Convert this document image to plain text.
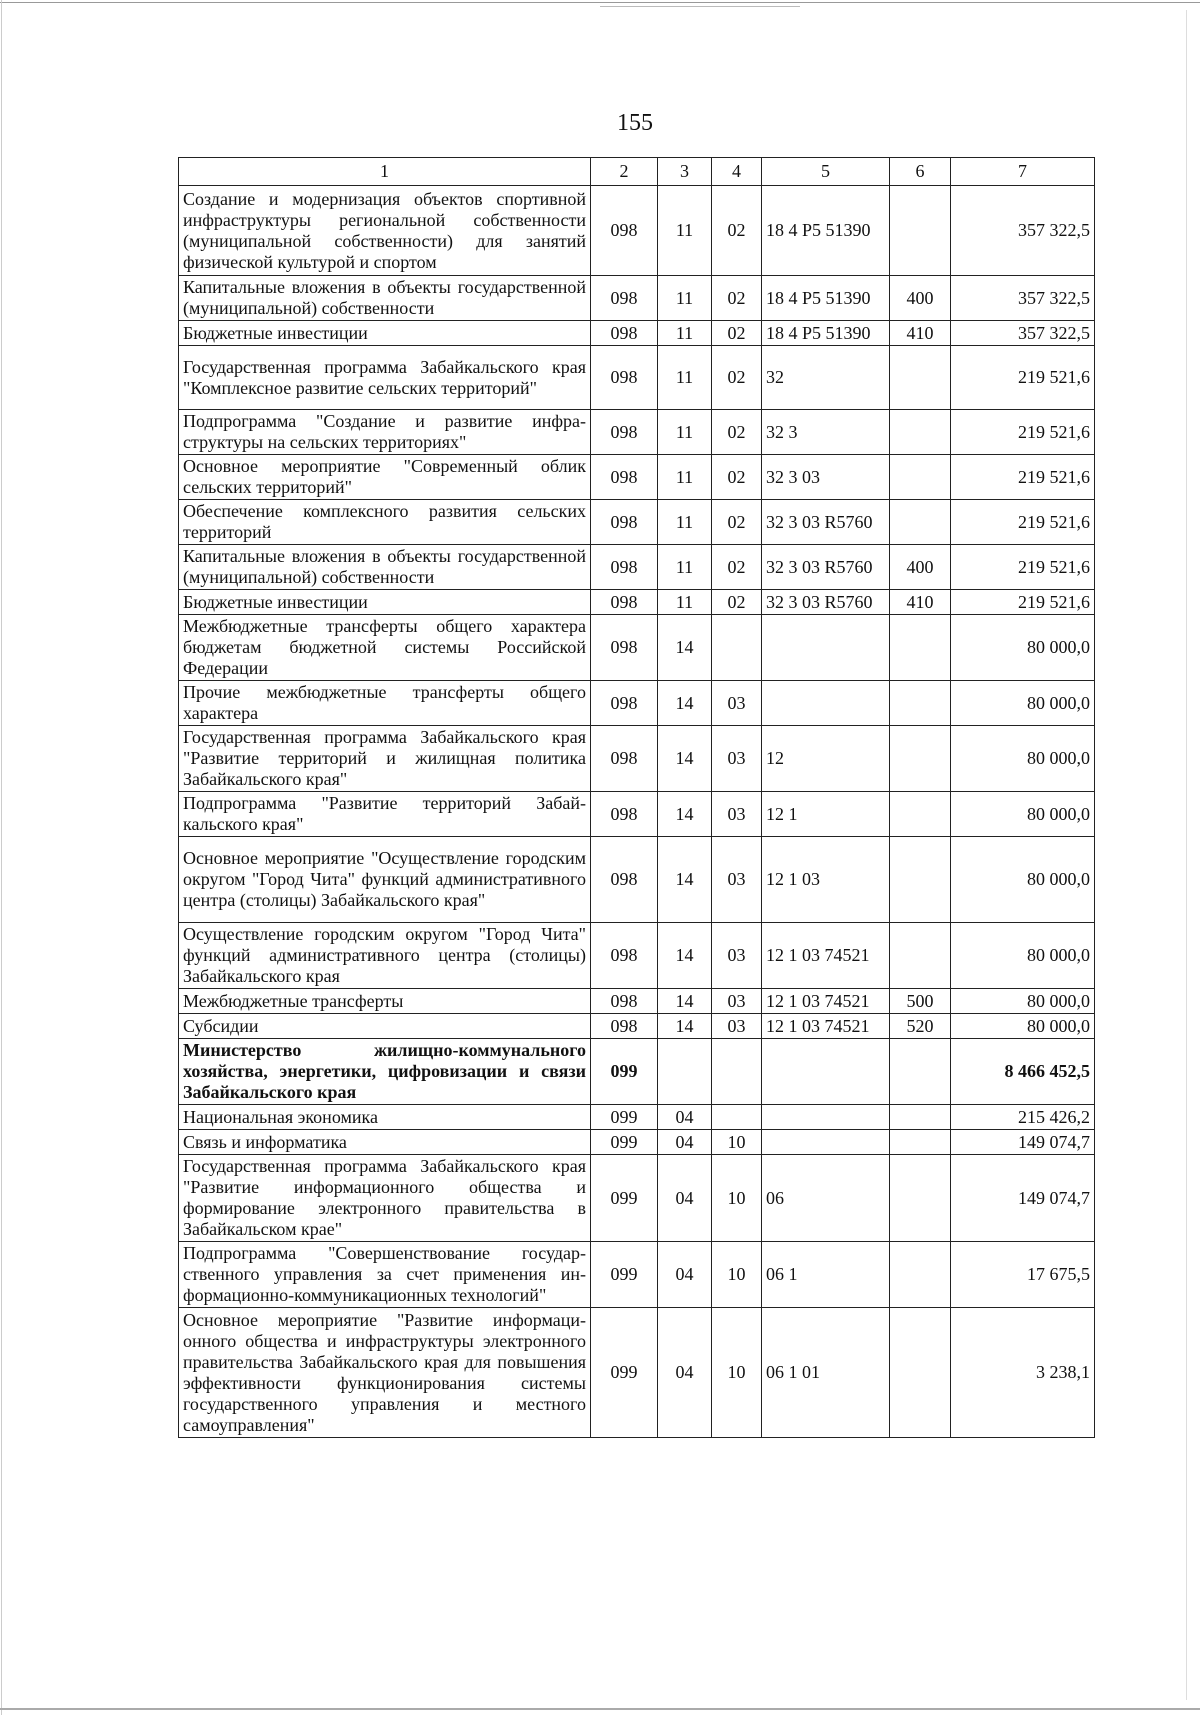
155
1	2	3	4	5	6	7
Создание и модернизация объектов спортивной инфраструктуры региональной собственности (муниципальной собственности) для занятий физической культурой и спортом	098	11	02	18 4 P5 51390		357 322,5
Капитальные вложения в объекты государственной (муниципальной) собственности	098	11	02	18 4 P5 51390	400	357 322,5
Бюджетные инвестиции	098	11	02	18 4 P5 51390	410	357 322,5
Государственная программа Забайкальского края "Комплексное развитие сельских территорий"	098	11	02	32		219 521,6
Подпрограмма "Создание и развитие инфраструктуры на сельских территориях"	098	11	02	32 3		219 521,6
Основное мероприятие "Современный облик сельских территорий"	098	11	02	32 3 03		219 521,6
Обеспечение комплексного развития сельских территорий	098	11	02	32 3 03 R5760		219 521,6
Капитальные вложения в объекты государственной (муниципальной) собственности	098	11	02	32 3 03 R5760	400	219 521,6
Бюджетные инвестиции	098	11	02	32 3 03 R5760	410	219 521,6
Межбюджетные трансферты общего характера бюджетам бюджетной системы Российской Федерации	098	14				80 000,0
Прочие межбюджетные трансферты общего характера	098	14	03			80 000,0
Государственная программа Забайкальского края "Развитие территорий и жилищная политика Забайкальского края"	098	14	03	12		80 000,0
Подпрограмма "Развитие территорий Забайкальского края"	098	14	03	12 1		80 000,0
Основное мероприятие "Осуществление городским округом "Город Чита" функций административного центра (столицы) Забайкальского края"	098	14	03	12 1 03		80 000,0
Осуществление городским округом "Город Чита" функций административного центра (столицы) Забайкальского края	098	14	03	12 1 03 74521		80 000,0
Межбюджетные трансферты	098	14	03	12 1 03 74521	500	80 000,0
Субсидии	098	14	03	12 1 03 74521	520	80 000,0
Министерство жилищно-коммунального хозяйства, энергетики, цифровизации и связи Забайкальского края	099					8 466 452,5
Национальная экономика	099	04				215 426,2
Связь и информатика	099	04	10			149 074,7
Государственная программа Забайкальского края "Развитие информационного общества и формирование электронного правительства в Забайкальском крае"	099	04	10	06		149 074,7
Подпрограмма "Совершенствование государственного управления за счет применения информационно-коммуникационных технологий"	099	04	10	06 1		17 675,5
Основное мероприятие "Развитие информационного общества и инфраструктуры электронного правительства Забайкальского края для повышения эффективности функционирования системы государственного управления и местного самоуправления"	099	04	10	06 1 01		3 238,1
